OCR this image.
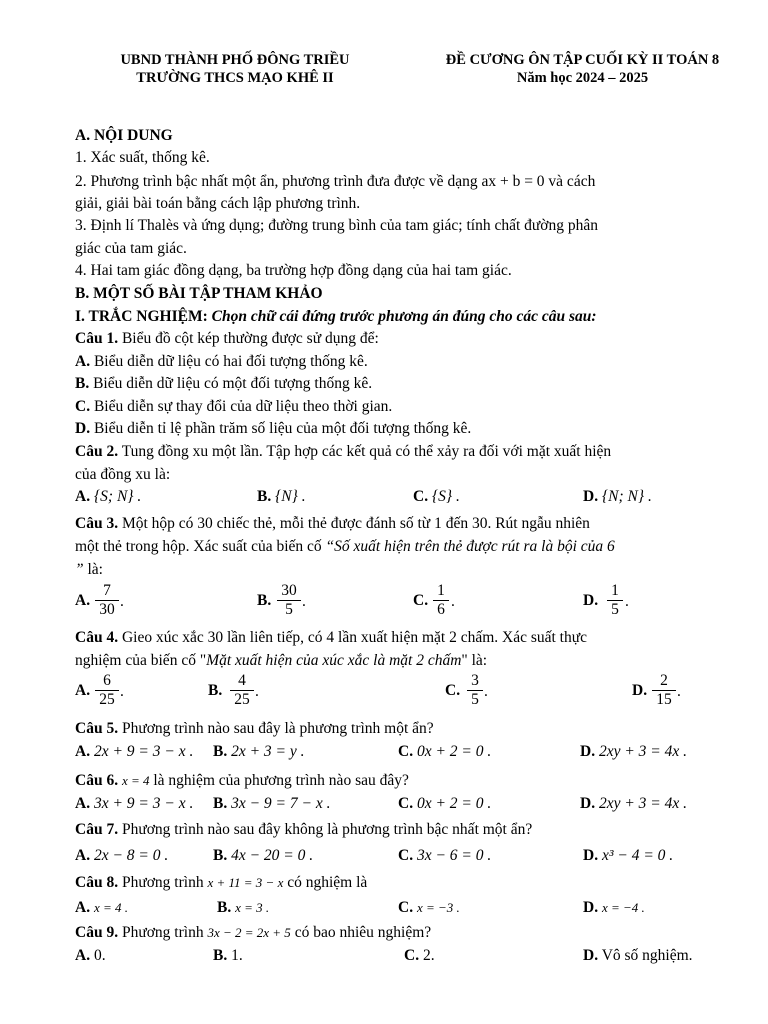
UBND THÀNH PHỐ ĐÔNG TRIỀU
TRƯỜNG THCS MẠO KHÊ II
ĐỀ CƯƠNG ÔN TẬP CUỐI KỲ II TOÁN 8
Năm học 2024 – 2025
A. NỘI DUNG
1. Xác suất, thống kê.
2. Phương trình bậc nhất một ẩn, phương trình đưa được về dạng ax + b = 0 và cách
giải, giải bài toán bằng cách lập phương trình.
3. Định lí Thalès và ứng dụng; đường trung bình của tam giác; tính chất đường phân
giác của tam giác.
4. Hai tam giác đồng dạng, ba trường hợp đồng dạng của hai tam giác.
B. MỘT SỐ BÀI TẬP THAM KHẢO
I. TRẮC NGHIỆM: Chọn chữ cái đứng trước phương án đúng cho các câu sau:
Câu 1. Biểu đồ cột kép thường được sử dụng để:
A. Biểu diễn dữ liệu có hai đối tượng thống kê.
B. Biểu diễn dữ liệu có một đối tượng thống kê.
C. Biểu diễn sự thay đổi của dữ liệu theo thời gian.
D. Biểu diễn tỉ lệ phần trăm số liệu của một đối tượng thống kê.
Câu 2. Tung đồng xu một lần. Tập hợp các kết quả có thể xảy ra đối với mặt xuất hiện
của đồng xu là:
A. {S; N} .	B. {N} .	C. {S} .	D. {N; N} .
Câu 3. Một hộp có 30 chiếc thẻ, mỗi thẻ được đánh số từ 1 đến 30. Rút ngẫu nhiên
một thẻ trong hộp. Xác suất của biến cố “Số xuất hiện trên thẻ được rút ra là bội của 6
” là:
A.
7
30 .	B.
30
5 .	C.
1
6 .	D.
1
5 .
Câu 4. Gieo xúc xắc 30 lần liên tiếp, có 4 lần xuất hiện mặt 2 chấm. Xác suất thực
nghiệm của biến cố "Mặt xuất hiện của xúc xắc là mặt 2 chấm" là:
A.
6
25 .	B.
4
25 .	C.
3
5 .	D.
2
15 .
Câu 5. Phương trình nào sau đây là phương trình một ẩn?
A. 2x + 9 = 3 − x . B. 2x + 3 = y .	C. 0x + 2 = 0 .	D. 2xy + 3 = 4x .
Câu 6. x = 4 là nghiệm của phương trình nào sau đây?
A. 3x + 9 = 3 − x . B. 3x − 9 = 7 − x .	C. 0x + 2 = 0 .	D. 2xy + 3 = 4x .
Câu 7. Phương trình nào sau đây không là phương trình bậc nhất một ẩn?
A. 2x − 8 = 0 .	B. 4x − 20 = 0 .	C. 3x − 6 = 0 .	D. x³ − 4 = 0 .
Câu 8. Phương trình x + 11 = 3 − x có nghiệm là
A. x = 4 .	B. x = 3 .	C. x = −3 .	D. x = −4 .
Câu 9. Phương trình 3x − 2 = 2x + 5 có bao nhiêu nghiệm?
A. 0.	B. 1.	C. 2.	D. Vô số nghiệm.
